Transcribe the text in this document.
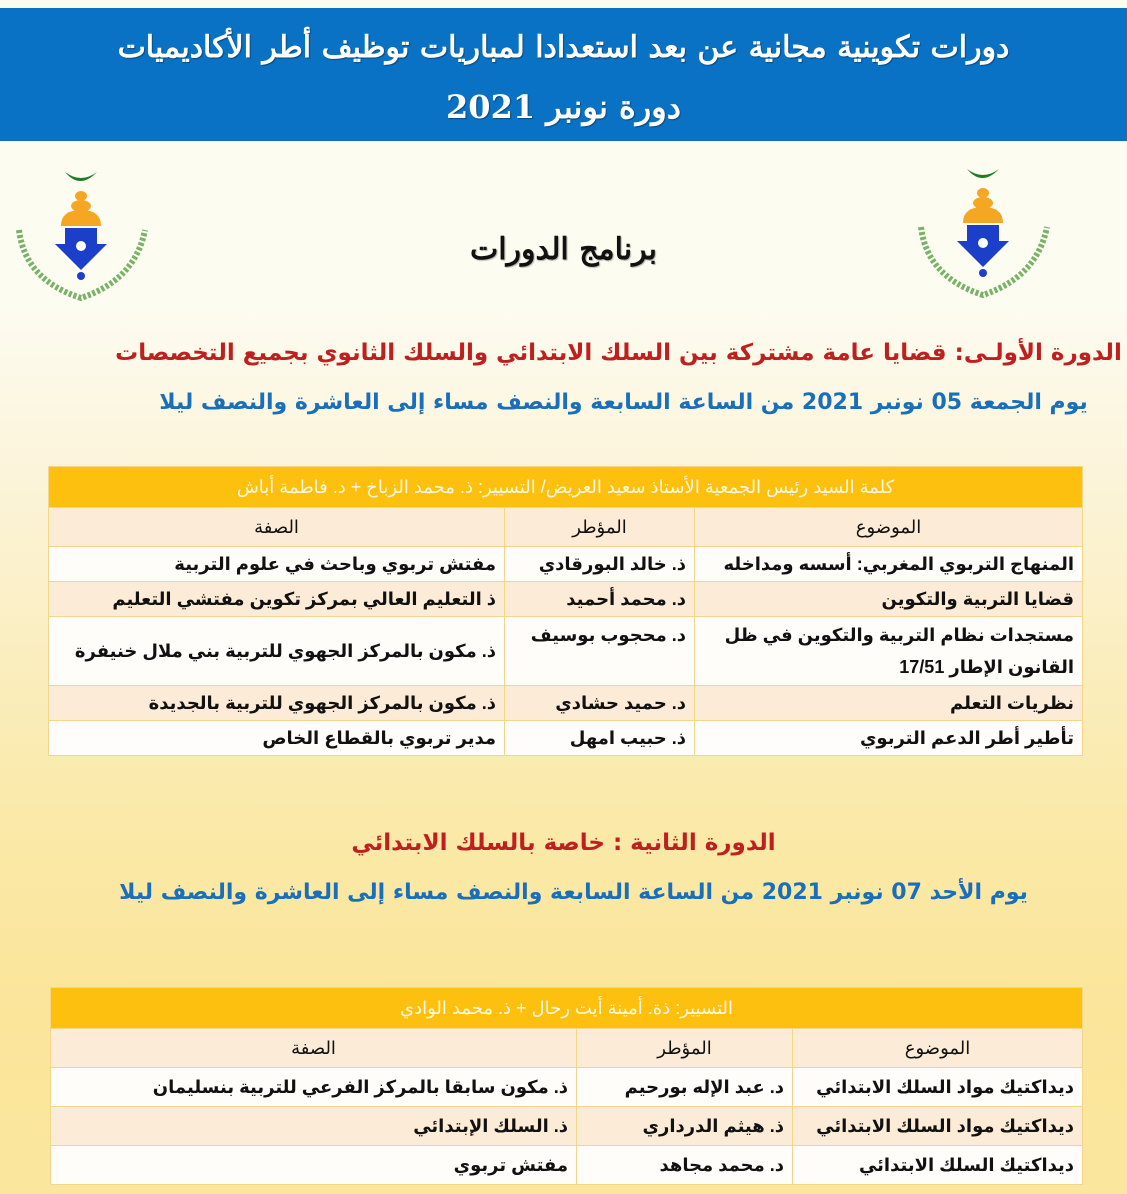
دورات تكوينية مجانية عن بعد استعدادا لمباريات توظيف أطر الأكاديميات
دورة نونبر 2021
برنامج الدورات
الدورة الأولـى: قضايا عامة مشتركة بين السلك الابتدائي والسلك الثانوي بجميع التخصصات
يوم الجمعة 05 نونبر 2021 من الساعة السابعة والنصف مساء إلى العاشرة والنصف ليلا
كلمة السيد رئيس الجمعية الأستاذ سعيد العريض/ التسيير: ذ. محمد الزباخ + د. فاطمة أباش		
الموضوع	المؤطر	الصفة
المنهاج التربوي المغربي: أسسه ومداخله	ذ. خالد البورقادي	مفتش تربوي وباحث في علوم التربية
قضايا التربية والتكوين	د. محمد أحميد	ذ التعليم العالي بمركز تكوين مفتشي التعليم
مستجدات نظام التربية والتكوين في ظل القانون الإطار 17/51	د. محجوب بوسيف	ذ. مكون بالمركز الجهوي للتربية بني ملال خنيفرة
نظريات التعلم	د. حميد حشادي	ذ. مكون بالمركز الجهوي للتربية بالجديدة
تأطير أطر الدعم التربوي	ذ. حبيب امهل	مدير تربوي بالقطاع الخاص
الدورة الثانية : خاصة بالسلك الابتدائي
يوم الأحد 07 نونبر 2021 من الساعة السابعة والنصف مساء إلى العاشرة والنصف ليلا
التسيير: ذة. أمينة أيت رحال + ذ. محمد الوادي		
الموضوع	المؤطر	الصفة
ديداكتيك مواد السلك الابتدائي	د. عبد الإله بورحيم	ذ. مكون سابقا بالمركز الفرعي للتربية بنسليمان
ديداكتيك مواد السلك الابتدائي	ذ. هيثم الدرداري	ذ. السلك الإبتدائي
ديداكتيك السلك الابتدائي	د. محمد مجاهد	مفتش تربوي
